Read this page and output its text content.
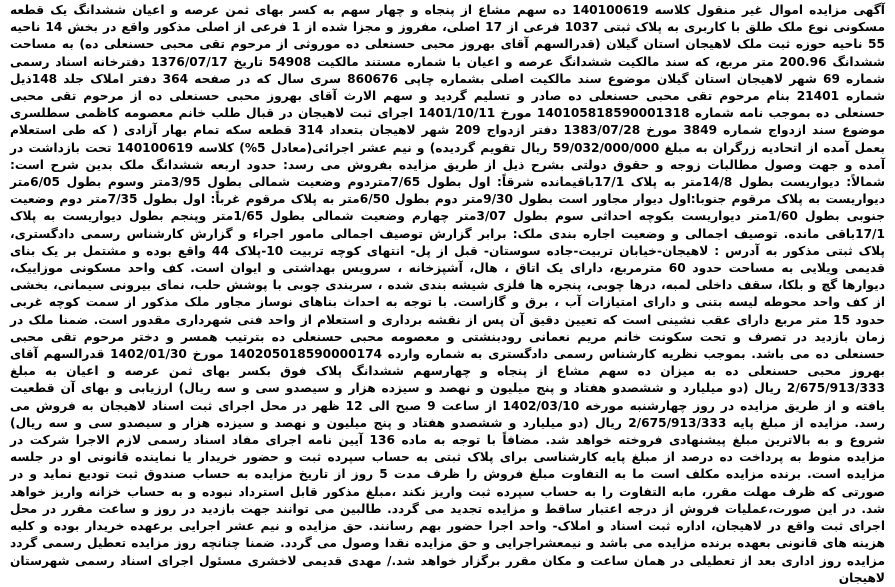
آگهی مزایده اموال غیر منقول کلاسه 140100619 ده سهم مشاع از پنجاه و چهار سهم به کسر بهای ثمن عرصه و اعیان ششدانگ یک قطعه مسکونی نوع ملک طلق با کاربری به پلاک ثبتی 1037 فرعی از 17 اصلی، مفروز و مجزا شده از 1 فرعی از اصلی مذکور واقع در بخش 14 ناحیه 55 ناحیه حوزه ثبت ملک لاهیجان استان گیلان (قدرالسهم آقای بهروز محبی حسنعلی ده موروثی از مرحوم تقی محبی حسنعلی ده) به مساحت ششدانگ 200.96 متر مربع، که سند مالکیت ششدانگ عرصه و اعیان با شماره مستند مالکیت 54908 تاریخ 1376/07/17 دفترخانه اسناد رسمی شماره 69 شهر لاهیجان استان گیلان موضوع سند مالکیت اصلی بشماره چاپی 860676 سری سال که در صفحه 364 دفتر املاک جلد 148ذیل شماره 21401 بنام مرحوم تقی محبی حسنعلی ده صادر و تسلیم گردید و سهم الارث آقای بهروز محبی حسنعلی ده از مرحوم تقی محبی حسنعلی ده بموجب نامه شماره 140105818590001318 مورخ 1401/10/11 اجرای ثبت لاهیجان در قبال طلب خانم معصومه کاظمی سطلسری موضوع سند ازدواج شماره 3849 مورخ 1383/07/28 دفتر ازدواج 209 شهر لاهیجان بتعداد 314 قطعه سکه تمام بهار آزادی ( که طی استعلام بعمل آمده از اتحادیه زرگران به مبلغ 59/032/000/000 ریال تقویم گردیده) و نیم عشر اجرائی(معادل 5%) کلاسه 140100619 تحت بازداشت در آمده و جهت وصول مطالبات زوجه و حقوق دولتی بشرح ذیل از طریق مزایده بفروش می رسد: حدود اربعه ششدانگ ملک بدین شرح است: شمالاً: دیواریست بطول 14/8متر به پلاک 17/1باقیمانده شرقاً: اول بطول 7/65متردوم وضعیت شمالی بطول 3/95متر وسوم بطول 6/05متر دیواریست به پلاک مرقوم جنوبا:اول دیوار مجاور است بطول 9/30متر دوم بطول 6/50متر به پلاک مرقوم غرباً: اول بطول 7/35متر دوم وضعیت جنوبی بطول 1/60متر دیواریست بکوچه احداثی سوم بطول 3/07متر چهارم وضعیت شمالی بطول 1/65متر وپنجم بطول دیواریست به پلاک 17/1باقی مانده. توصیف اجمالی و وضعیت اجاره بندی ملک: برابر گزارش توصیف اجمالی مامور اجراء و گزارش کارشناس رسمی دادگستری، پلاک ثبتی مذکور به آدرس : لاهیجان-خیابان تربیت-جاده سوستان- قبل از پل- انتهای کوچه تربیت 10-پلاک 44 واقع بوده و مشتمل بر یک بنای قدیمی ویلایی به مساحت حدود 60 مترمربع، دارای یک اتاق ، هال، آشپزخانه ، سرویس بهداشتی و ایوان است. کف واحد مسکونی موزاییک، دیوارها گچ و بلکا، سقف داخلی لمبه، درها چوبی، پنجره ها فلزی شیشه بندی شده ، سربندی چوبی با پوشش حلب، نمای بیرونی سیمانی، بخشی از کف واحد محوطه لیسه بتنی و دارای امتیازات آب ، برق و گازاست. با توجه به احداث بناهای نوساز مجاور ملک مذکور از سمت کوچه غربی حدود 15 متر مربع دارای عقب نشینی است که تعیین دقیق آن پس از نقشه برداری و استعلام از واحد فنی شهرداری مقدور است. ضمنا ملک در زمان بازدید در تصرف و تحت سکونت خانم مریم نعمانی رودبنشتی و معصومه محبی حسنعلی ده بترتیب همسر و دختر مرحوم تقی محبی حسنعلی ده می باشد. بموجب نظریه کارشناس رسمی دادگستری به شماره وارده 140205018590000174 مورخ 1402/01/30 قدرالسهم آقای بهروز محبی حسنعلی ده به میزان ده سهم مشاع از پنجاه و چهارسهم ششدانگ پلاک فوق بکسر بهای ثمن عرصه و اعیان به مبلغ 2/675/913/333 ریال (دو میلیارد و ششصدو هفتاد و پنج میلیون و نهصد و سیزده هزار و سیصدو سی و سه ریال) ارزیابی و بهای آن قطعیت یافته و از طریق مزایده در روز چهارشنبه مورخه 1402/03/10 از ساعت 9 صبح الی 12 ظهر در محل اجرای ثبت اسناد لاهیجان به فروش می رسد. مزایده از مبلغ پایه 2/675/913/333 ریال (دو میلیارد و ششصدو هفتاد و پنج میلیون و نهصد و سیزده هزار و سیصدو سی و سه ریال) شروع و به بالاترین مبلغ پیشنهادی فروخته خواهد شد. مضافاً با توجه به ماده 136 آیین نامه اجرای مفاد اسناد رسمی لازم الاجرا شرکت در مزایده منوط به پرداخت ده درصد از مبلغ پایه کارشناسی برای پلاک ثبتی به حساب سپرده ثبت و حضور خریدار یا نماینده قانونی او در جلسه مزایده است. برنده مزایده مکلف است ما به التفاوت مبلغ فروش را ظرف مدت 5 روز از تاریخ مزایده به حساب صندوق ثبت تودیع نماید و در صورتی که ظرف مهلت مقرر، مابه التفاوت را به حساب سپرده ثبت واریز نکند ،مبلغ مذکور قابل استرداد نبوده و به حساب خزانه واریز خواهد شد. در این صورت،عملیات فروش از درجه اعتبار ساقط و مزایده تجدید می گردد. طالبین می توانند جهت بازدید در روز و ساعت مقرر در محل اجرای ثبت واقع در لاهیجان، اداره ثبت اسناد و املاک- واحد اجرا حضور بهم رسانند. حق مزایده و نیم عشر اجرایی برعهده خریدار بوده و کلیه هزینه های قانونی بعهده برنده مزایده می باشد و نیمعشراجرایی و حق مزایده نقدا وصول می گردد. ضمنا چنانچه روز مزایده تعطیل رسمی گردد مزایده روز اداری بعد از تعطیلی در همان ساعت و مکان مقرر برگزار خواهد شد./ مهدی قدیمی لاخشری مسئول اجرای اسناد رسمی شهرستان لاهیجان
